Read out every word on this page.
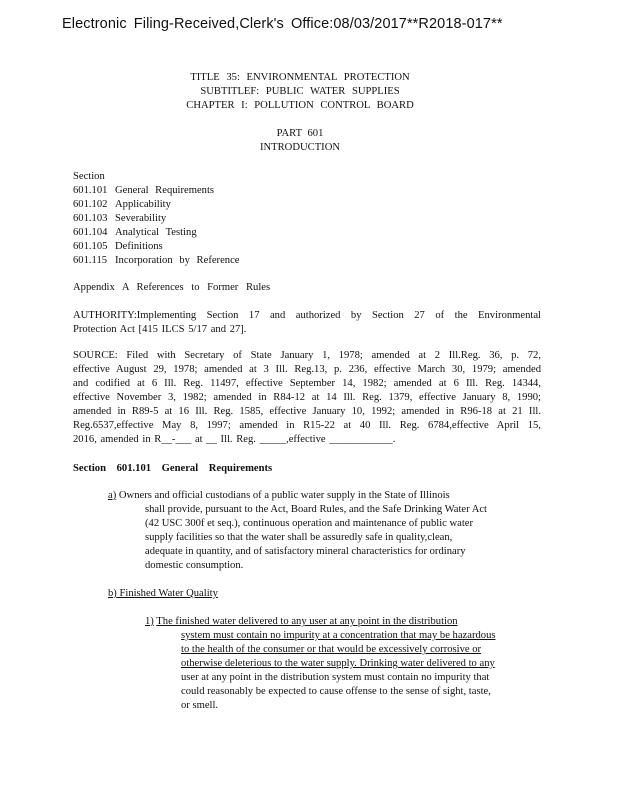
Electronic Filing-Received,Clerk's Office:08/03/2017**R2018-017**
TITLE 35: ENVIRONMENTAL PROTECTION
SUBTITLEF: PUBLIC WATER SUPPLIES
CHAPTER I: POLLUTION CONTROL BOARD
PART 601
INTRODUCTION
Section
601.101 General Requirements
601.102 Applicability
601.103 Severability
601.104 Analytical Testing
601.105 Definitions
601.115 Incorporation by Reference
Appendix A References to Former Rules
AUTHORITY:Implementing Section 17 and authorized by Section 27 of the Environmental
Protection Act [415 ILCS 5/17 and 27].
SOURCE: Filed with Secretary of State January 1, 1978; amended at 2 Ill.Reg. 36, p. 72,
effective August 29, 1978; amended at 3 Ill. Reg.13, p. 236, effective March 30, 1979; amended
and codified at 6 Ill. Reg. 11497, effective September 14, 1982; amended at 6 Ill. Reg. 14344,
effective November 3, 1982; amended in R84-12 at 14 Ill. Reg. 1379, effective January 8, 1990;
amended in R89-5 at 16 Ill. Reg. 1585, effective January 10, 1992; amended in R96-18 at 21 Ill.
Reg.6537,effective May 8, 1997; amended in R15-22 at 40 Ill. Reg. 6784,effective April 15,
2016, amended in R__-___ at __ Ill. Reg. _____,effective ____________.
Section 601.101 General Requirements
a) Owners and official custodians of a public water supply in the State of Illinois
shall provide, pursuant to the Act, Board Rules, and the Safe Drinking Water Act
(42 USC 300f et seq.), continuous operation and maintenance of public water
supply facilities so that the water shall be assuredly safe in quality,clean,
adequate in quantity, and of satisfactory mineral characteristics for ordinary
domestic consumption.
b) Finished Water Quality
1) The finished water delivered to any user at any point in the distribution
system must contain no impurity at a concentration that may be hazardous
to the health of the consumer or that would be excessively corrosive or
otherwise deleterious to the water supply. Drinking water delivered to any
user at any point in the distribution system must contain no impurity that
could reasonably be expected to cause offense to the sense of sight, taste,
or smell.
